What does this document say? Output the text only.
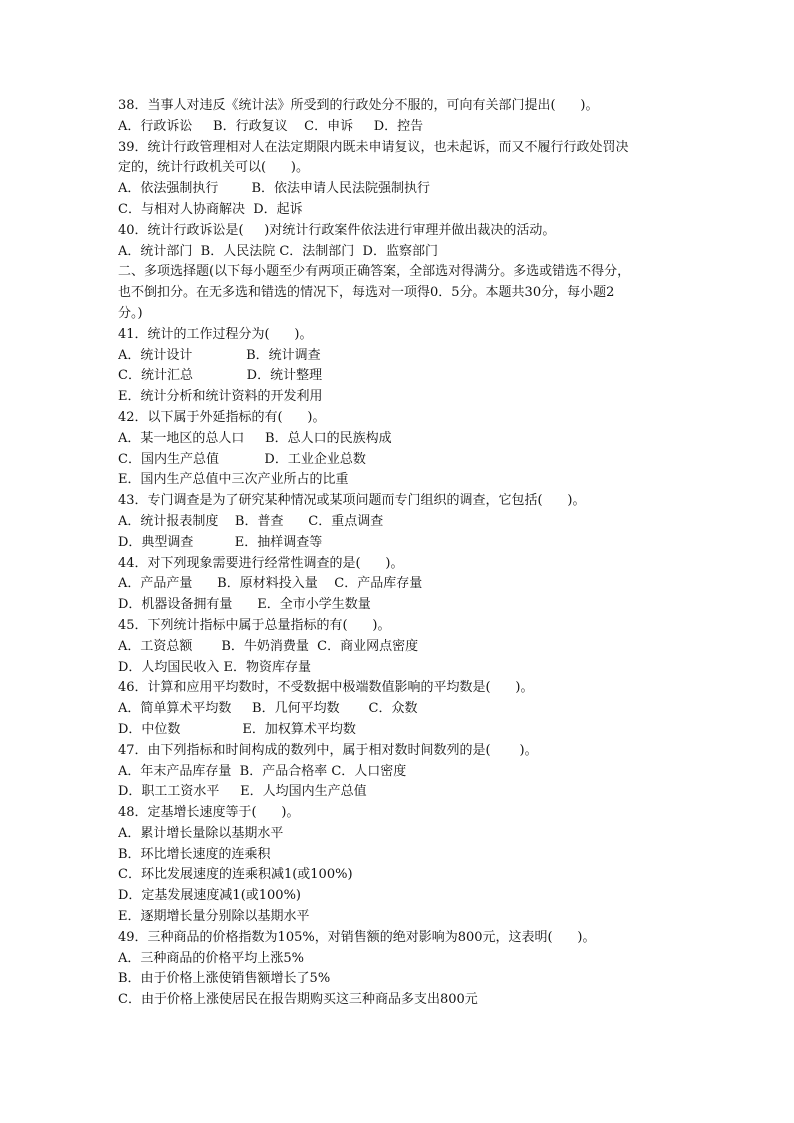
38．当事人对违反《统计法》所受到的行政处分不服的，可向有关部门提出(      )。
A．行政诉讼     B．行政复议    C．申诉     D．控告
39．统计行政管理相对人在法定期限内既未申请复议，也未起诉，而又不履行行政处罚决
定的，统计行政机关可以(      )。
A．依法强制执行        B．依法申请人民法院强制执行
C．与相对人协商解决  D．起诉
40．统计行政诉讼是(     )对统计行政案件依法进行审理并做出裁决的活动。
A．统计部门  B．人民法院 C．法制部门  D．监察部门
二、多项选择题(以下每小题至少有两项正确答案，全部选对得满分。多选或错选不得分，
也不倒扣分。在无多选和错选的情况下，每选对一项得0．5分。本题共30分，每小题2
分。)
41．统计的工作过程分为(      )。
A．统计设计             B．统计调查
C．统计汇总             D．统计整理
E．统计分析和统计资料的开发利用
42．以下属于外延指标的有(      )。
A．某一地区的总人口     B．总人口的民族构成
C．国内生产总值           D．工业企业总数
E．国内生产总值中三次产业所占的比重
43．专门调查是为了研究某种情况或某项问题而专门组织的调查，它包括(      )。
A．统计报表制度    B．普查      C．重点调查
D．典型调查          E．抽样调查等
44．对下列现象需要进行经常性调查的是(      )。
A．产品产量      B．原材料投入量    C．产品库存量
D．机器设备拥有量      E．全市小学生数量
45．下列统计指标中属于总量指标的有(      )。
A．工资总额       B．牛奶消费量  C．商业网点密度
D．人均国民收入 E．物资库存量
46．计算和应用平均数时，不受数据中极端数值影响的平均数是(      )。
A．简单算术平均数     B．几何平均数       C．众数
D．中位数               E．加权算术平均数
47．由下列指标和时间构成的数列中，属于相对数时间数列的是(       )。
A．年末产品库存量  B．产品合格率 C．人口密度
D．职工工资水平     E．人均国内生产总值
48．定基增长速度等于(      )。
A．累计增长量除以基期水平
B．环比增长速度的连乘积
C．环比发展速度的连乘积减1(或100%)
D．定基发展速度减1(或100%)
E．逐期增长量分别除以基期水平
49．三种商品的价格指数为105%，对销售额的绝对影响为800元，这表明(      )。
A．三种商品的价格平均上涨5%
B．由于价格上涨使销售额增长了5%
C．由于价格上涨使居民在报告期购买这三种商品多支出800元
